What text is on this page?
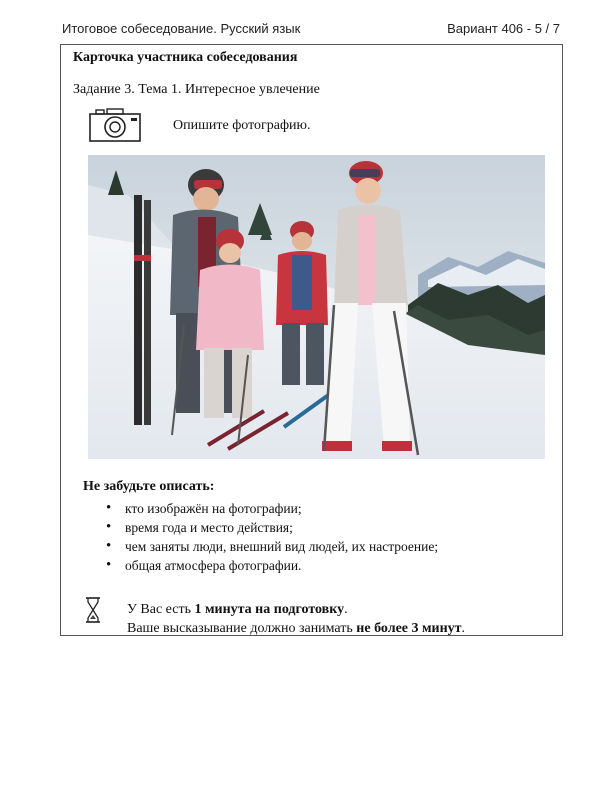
Итоговое собеседование. Русский язык	Вариант 406 - 5 / 7
Карточка участника собеседования
Задание 3. Тема 1. Интересное увлечение
Опишите фотографию.
Не забудьте описать:
• кто изображён на фотографии;
• время года и место действия;
• чем заняты люди, внешний вид людей, их настроение;
• общая атмосфера фотографии.
У Вас есть 1 минута на подготовку.
Ваше высказывание должно занимать не более 3 минут.
